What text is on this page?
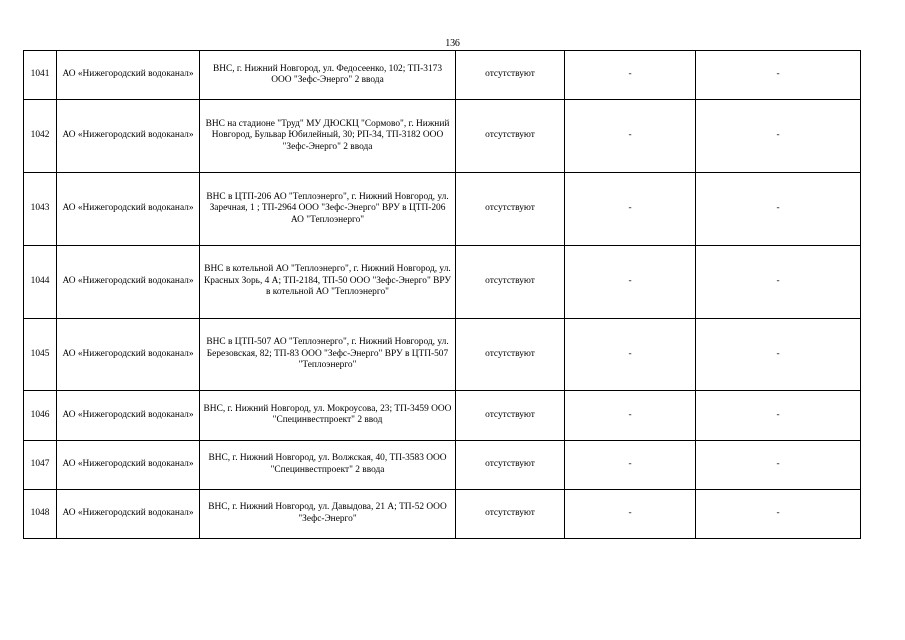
136
1041	АО «Нижегородский водоканал»	ВНС, г. Нижний Новгород, ул. Федосеенко, 102; ТП-3173 ООО "Зефс-Энерго" 2 ввода	отсутствуют	-	-
1042	АО «Нижегородский водоканал»	ВНС на стадионе "Труд" МУ ДЮСКЦ "Сормово", г. Нижний Новгород, Бульвар Юбилейный, 30; РП-34, ТП-3182 ООО "Зефс-Энерго" 2 ввода	отсутствуют	-	-
1043	АО «Нижегородский водоканал»	ВНС в ЦТП-206 АО "Теплоэнерго", г. Нижний Новгород, ул. Заречная, 1 ; ТП-2964 ООО "Зефс-Энерго" ВРУ в ЦТП-206 АО "Теплоэнерго"	отсутствуют	-	-
1044	АО «Нижегородский водоканал»	ВНС в котельной АО "Теплоэнерго", г. Нижний Новгород, ул. Красных Зорь, 4 А; ТП-2184, ТП-50 ООО "Зефс-Энерго" ВРУ в котельной АО "Теплоэнерго"	отсутствуют	-	-
1045	АО «Нижегородский водоканал»	ВНС в ЦТП-507 АО "Теплоэнерго", г. Нижний Новгород, ул. Березовская, 82; ТП-83 ООО "Зефс-Энерго" ВРУ в ЦТП-507 "Теплоэнерго"	отсутствуют	-	-
1046	АО «Нижегородский водоканал»	ВНС, г. Нижний Новгород, ул. Мокроусова, 23; ТП-3459 ООО "Специнвестпроект" 2 ввод	отсутствуют	-	-
1047	АО «Нижегородский водоканал»	ВНС, г. Нижний Новгород, ул. Волжская, 40, ТП-3583 ООО "Специнвестпроект" 2 ввода	отсутствуют	-	-
1048	АО «Нижегородский водоканал»	ВНС, г. Нижний Новгород, ул. Давыдова, 21 А; ТП-52 ООО "Зефс-Энерго"	отсутствуют	-	-
